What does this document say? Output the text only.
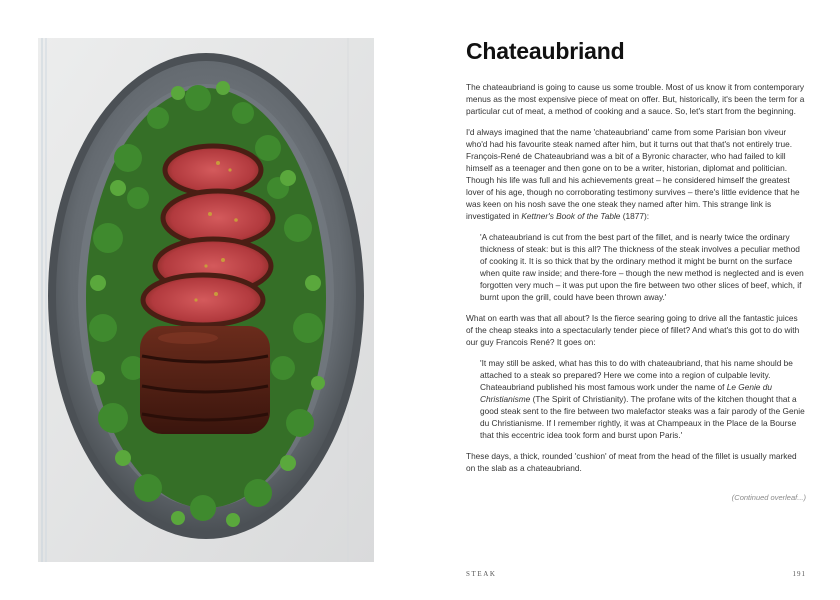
Chateaubriand

The chateaubriand is going to cause us some trouble. Most of us know it from contemporary menus as the most expensive piece of meat on offer. But, historically, it's been the term for a particular cut of meat, a method of cooking and a sauce. So, let's start from the beginning.

I'd always imagined that the name 'chateaubriand' came from some Parisian bon viveur who'd had his favourite steak named after him, but it turns out that that's not entirely true. François-René de Chateaubriand was a bit of a Byronic character, who had failed to kill himself as a teenager and then gone on to be a writer, historian, diplomat and politician. Though his life was full and his achievements great – he considered himself the greatest lover of his age, though no corroborating testimony survives – there's little evidence that he was keen on his nosh save the one steak they named after him. This strange link is investigated in Kettner's Book of the Table (1877):

'A chateaubriand is cut from the best part of the fillet, and is nearly twice the ordinary thickness of steak: but is this all? The thickness of the steak involves a peculiar method of cooking it. It is so thick that by the ordinary method it might be burnt on the surface when quite raw inside; and there-fore – though the new method is neglected and is even forgotten very much – it was put upon the fire between two other slices of beef, which, if burnt upon the grill, could have been thrown away.'

What on earth was that all about? Is the fierce searing going to drive all the fantastic juices of the cheap steaks into a spectacularly tender piece of fillet? And what's this got to do with our guy Francois René? It goes on:

'It may still be asked, what has this to do with chateaubriand, that his name should be attached to a steak so prepared? Here we come into a region of culpable levity. Chateaubriand published his most famous work under the name of Le Genie du Christianisme (The Spirit of Christianity). The profane wits of the kitchen thought that a good steak sent to the fire between two malefactor steaks was a fair parody of the Genie du Christianisme. If I remember rightly, it was at Champeaux in the Place de la Bourse that this eccentric idea took form and burst upon Paris.'

These days, a thick, rounded 'cushion' of meat from the head of the fillet is usually marked on the slab as a chateaubriand.

(Continued overleaf...)
STEAK	191
